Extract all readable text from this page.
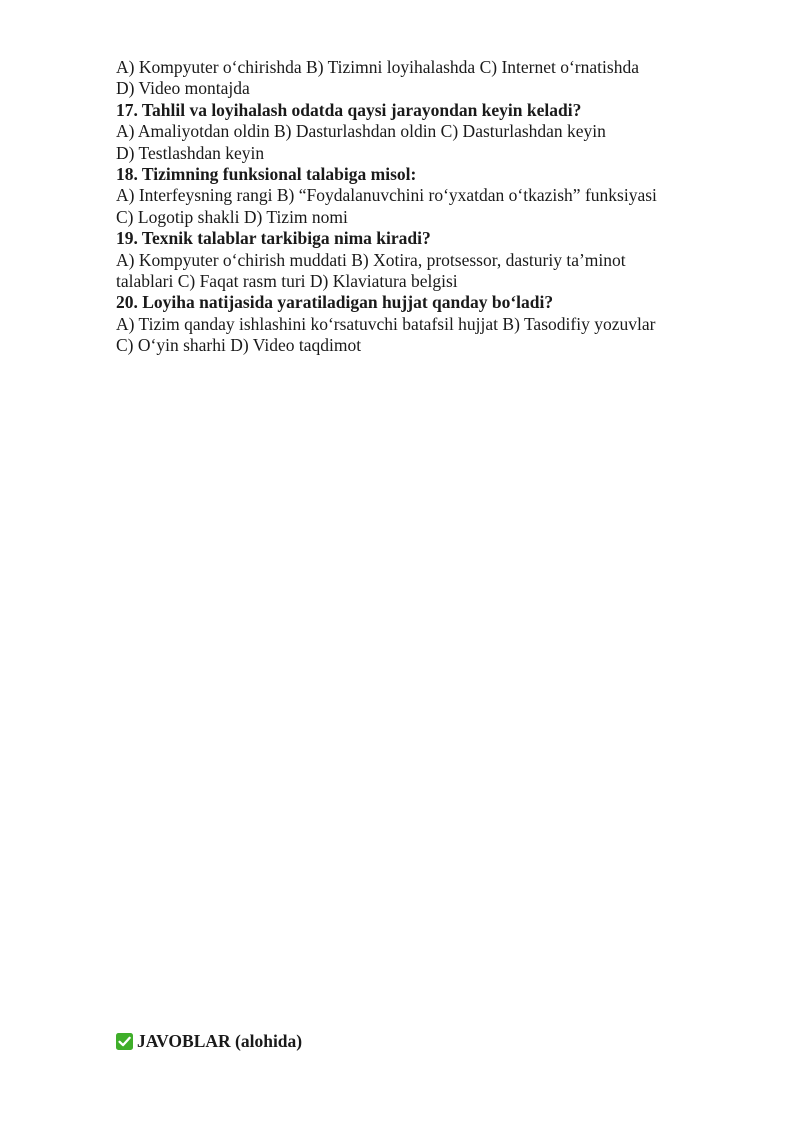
A) Kompyuter o‘chirishda B) Tizimni loyihalashda C) Internet o‘rnatishda
D) Video montajda
17. Tahlil va loyihalash odatda qaysi jarayondan keyin keladi?
A) Amaliyotdan oldin B) Dasturlashdan oldin C) Dasturlashdan keyin
D) Testlashdan keyin
18. Tizimning funksional talabiga misol:
A) Interfeysning rangi B) “Foydalanuvchini ro‘yxatdan o‘tkazish” funksiyasi
C) Logotip shakli D) Tizim nomi
19. Texnik talablar tarkibiga nima kiradi?
A) Kompyuter o‘chirish muddati B) Xotira, protsessor, dasturiy ta’minot
talablari C) Faqat rasm turi D) Klaviatura belgisi
20. Loyiha natijasida yaratiladigan hujjat qanday bo‘ladi?
A) Tizim qanday ishlashini ko‘rsatuvchi batafsil hujjat B) Tasodifiy yozuvlar
C) O‘yin sharhi D) Video taqdimot
JAVOBLAR (alohida)
